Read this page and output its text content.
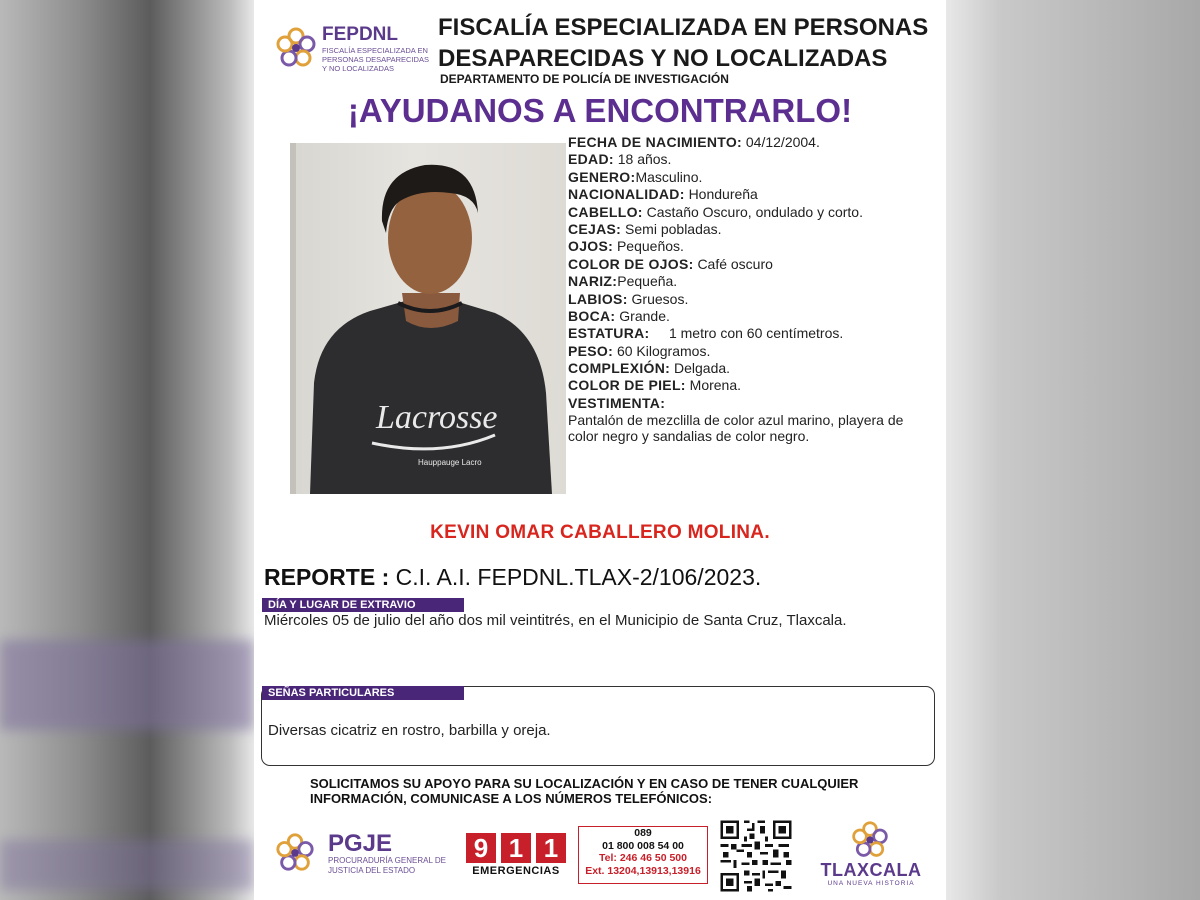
FEPDNL
FISCALÍA ESPECIALIZADA EN PERSONAS DESAPARECIDAS Y NO LOCALIZADAS
FISCALÍA ESPECIALIZADA EN PERSONAS
DESAPARECIDAS Y NO LOCALIZADAS
DEPARTAMENTO DE POLICÍA DE INVESTIGACIÓN
¡AYUDANOS A ENCONTRARLO!
Lacrosse
Hauppauge Lacro
FECHA DE NACIMIENTO: 04/12/2004.
EDAD: 18 años.
GENERO:Masculino.
NACIONALIDAD: Hondureña
CABELLO: Castaño Oscuro, ondulado y corto.
CEJAS: Semi pobladas.
OJOS: Pequeños.
COLOR DE OJOS: Café oscuro
NARIZ:Pequeña.
LABIOS: Gruesos.
BOCA: Grande.
ESTATURA: 1 metro con 60 centímetros.
PESO: 60 Kilogramos.
COMPLEXIÓN: Delgada.
COLOR DE PIEL: Morena.
VESTIMENTA:
Pantalón de mezclilla de color azul marino, playera de color negro y sandalias de color negro.
KEVIN OMAR CABALLERO MOLINA.
REPORTE : C.I. A.I. FEPDNL.TLAX-2/106/2023.
DÍA Y LUGAR DE EXTRAVIO
Miércoles 05 de julio del año dos mil veintitrés, en el Municipio de Santa Cruz, Tlaxcala.
SEÑAS PARTICULARES
Diversas cicatriz en rostro, barbilla y oreja.
SOLICITAMOS SU APOYO PARA SU LOCALIZACIÓN Y EN CASO DE TENER CUALQUIER
INFORMACIÓN, COMUNICASE A LOS NÚMEROS TELEFÓNICOS:
PGJE
PROCURADURÍA GENERAL DE JUSTICIA DEL ESTADO
9 1 1
EMERGENCIAS
089
01 800 008 54 00
Tel: 246 46 50 500
Ext. 13204,13913,13916	TLAXCALA
UNA NUEVA HISTORIA
